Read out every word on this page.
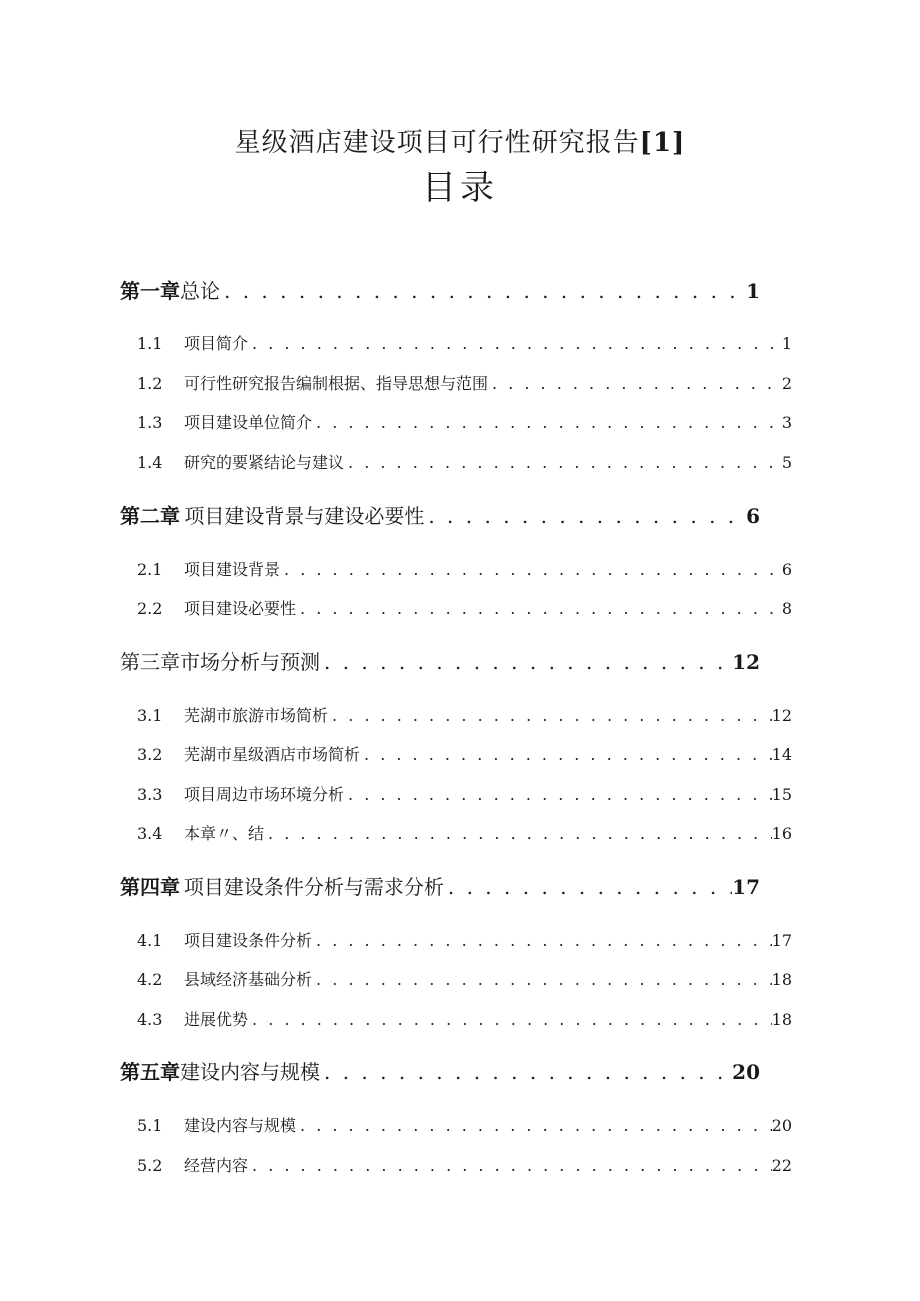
星级酒店建设项目可行性研究报告[1]
目录
第一章 总论 . . .	1
1.1	项目简介 . . .	1
1.2	可行性研究报告编制根据、指导思想与范围 . . .	2
1.3	项目建设单位简介 . . .	3
1.4	研究的要紧结论与建议 . . .	5
第二章 项目建设背景与建设必要性 . . .	6
2.1	项目建设背景 . . .	6
2.2	项目建设必要性 . . .	8
第三章 市场分析与预测 . . .	12
3.1	芜湖市旅游市场简析 . . .	12
3.2	芜湖市星级酒店市场简析 . . .	14
3.3	项目周边市场环境分析 . . .	15
3.4	本章〃、结 . . .	16
第四章 项目建设条件分析与需求分析 . . .	17
4.1	项目建设条件分析 . . .	17
4.2	县域经济基础分析 . . .	18
4.3	进展优势 . . .	18
第五章 建设内容与规模 . . .	20
5.1	建设内容与规模 . . .	20
5.2	经营内容 . . .	22
